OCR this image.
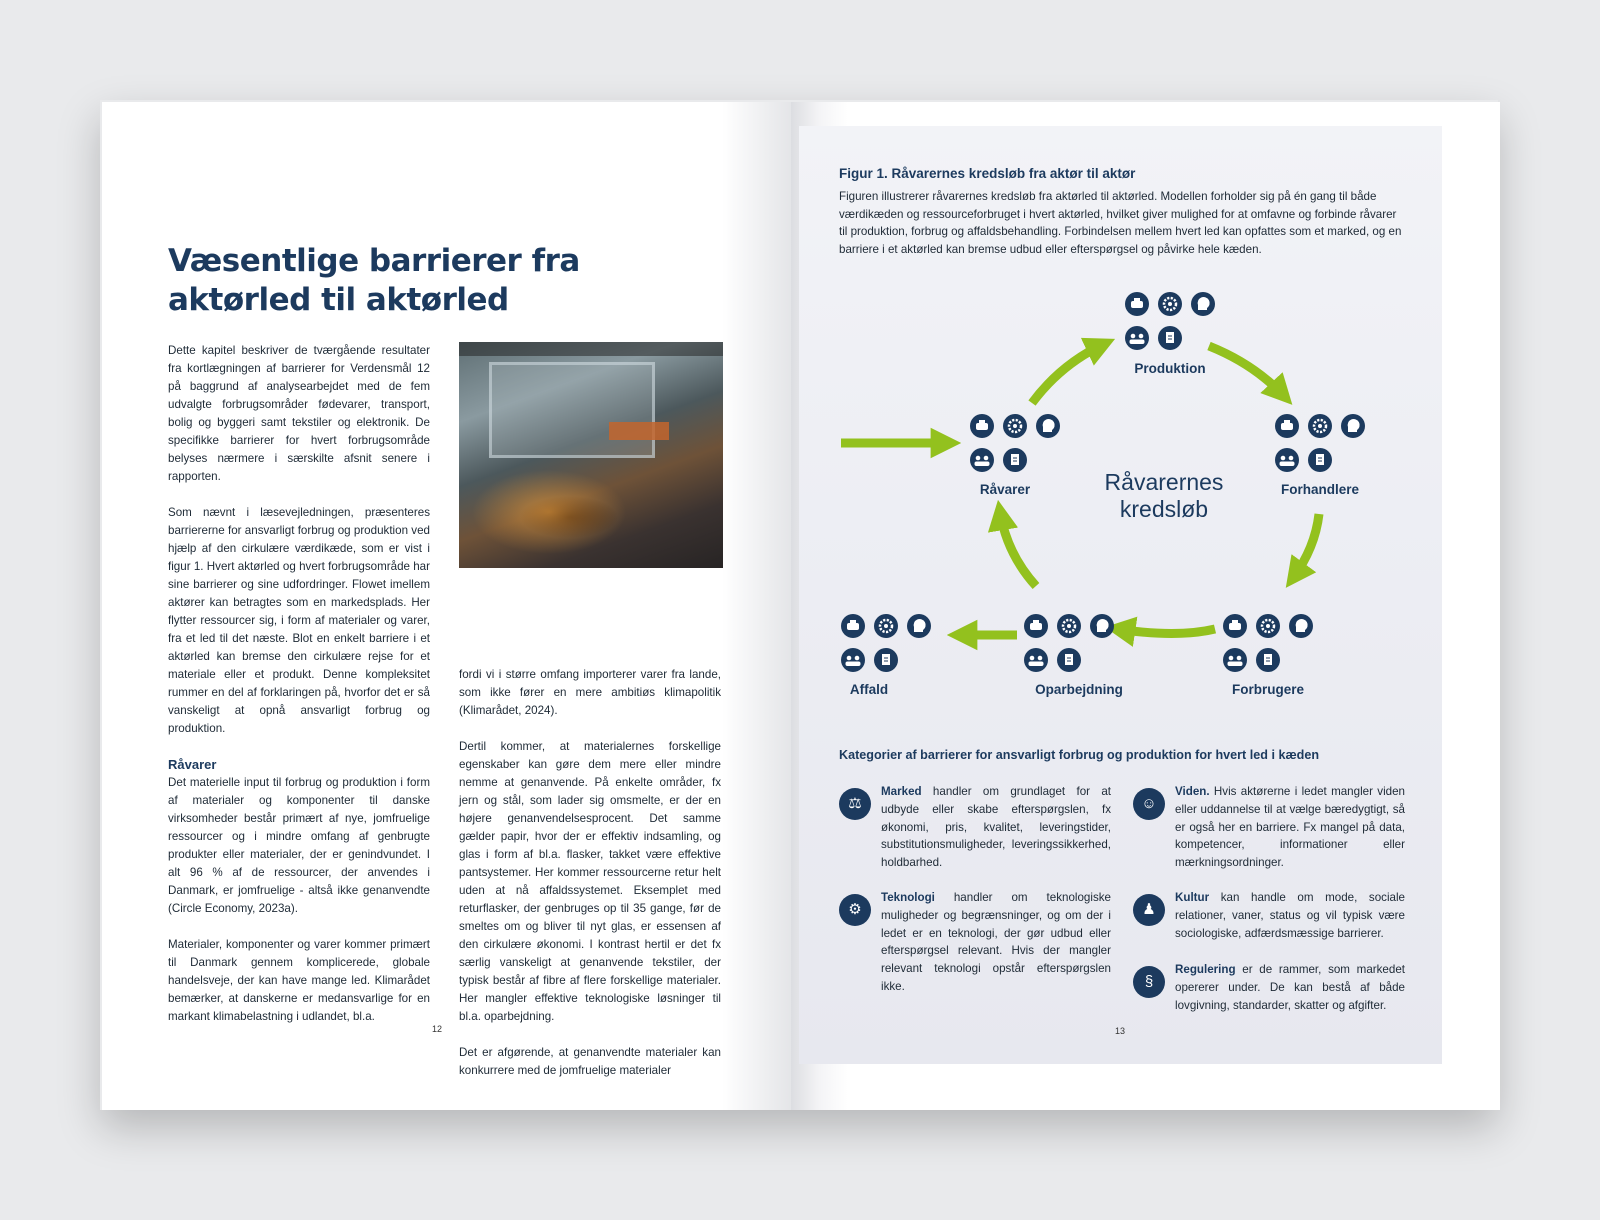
Væsentlige barrierer fra aktørled til aktørled

Dette kapitel beskriver de tværgående resultater fra kortlægningen af barrierer for Verdensmål 12 på baggrund af analysearbejdet med de fem udvalgte forbrugsområder fødevarer, transport, bolig og byggeri samt tekstiler og elektronik. De specifikke barrierer for hvert forbrugsområde belyses nærmere i særskilte afsnit senere i rapporten.

Som nævnt i læsevejledningen, præsenteres barriererne for ansvarligt forbrug og produktion ved hjælp af den cirkulære værdikæde, som er vist i figur 1. Hvert aktørled og hvert forbrugsområde har sine barrierer og sine udfordringer. Flowet imellem aktører kan betragtes som en markedsplads. Her flytter ressourcer sig, i form af materialer og varer, fra et led til det næste. Blot en enkelt barriere i et aktørled kan bremse den cirkulære rejse for et materiale eller et produkt. Denne kompleksitet rummer en del af forklaringen på, hvorfor det er så vanskeligt at opnå ansvarligt forbrug og produktion.

Råvarer

Det materielle input til forbrug og produktion i form af materialer og komponenter til danske virksomheder består primært af nye, jomfruelige ressourcer og i mindre omfang af genbrugte produkter eller materialer, der er genindvundet. I alt 96 % af de ressourcer, der anvendes i Danmark, er jomfruelige - altså ikke genanvendte (Circle Economy, 2023a).

Materialer, komponenter og varer kommer primært til Danmark gennem komplicerede, globale handelsveje, der kan have mange led. Klimarådet bemærker, at danskerne er medansvarlige for en markant klimabelastning i udlandet, bl.a.

fordi vi i større omfang importerer varer fra lande, som ikke fører en mere ambitiøs klimapolitik (Klimarådet, 2024).

Dertil kommer, at materialernes forskellige egenskaber kan gøre dem mere eller mindre nemme at genanvende. På enkelte områder, fx jern og stål, som lader sig omsmelte, er der en højere genanvendelsesprocent. Det samme gælder papir, hvor der er effektiv indsamling, og glas i form af bl.a. flasker, takket være effektive pantsystemer. Her kommer ressourcerne retur helt uden at nå affaldssystemet. Eksemplet med returflasker, der genbruges op til 35 gange, før de smeltes om og bliver til nyt glas, er essensen af den cirkulære økonomi. I kontrast hertil er det fx særlig vanskeligt at genanvende tekstiler, der typisk består af fibre af flere forskellige materialer. Her mangler effektive teknologiske løsninger til bl.a. oparbejdning.

Det er afgørende, at genanvendte materialer kan konkurrere med de jomfruelige materialer

12
Figur 1. Råvarernes kredsløb fra aktør til aktør

Figuren illustrerer råvarernes kredsløb fra aktørled til aktørled. Modellen forholder sig på én gang til både værdikæden og ressourceforbruget i hvert aktørled, hvilket giver mulighed for at omfavne og forbinde råvarer til produktion, forbrug og affaldsbehandling. Forbindelsen mellem hvert led kan opfattes som et marked, og en barriere i et aktørled kan bremse udbud eller efterspørgsel og påvirke hele kæden.

Produktion
Forhandlere
Forbrugere
Oparbejdning
Affald
Råvarer	Råvarernes
kredsløb
Kategorier af barrierer for ansvarligt forbrug og produktion for hvert led i kæden
⚖
Marked handler om grundlaget for at udbyde eller skabe efterspørgslen, fx økonomi, pris, kvalitet, leveringstider, substitutionsmuligheder, leveringssikkerhed, holdbarhed.
⚙
Teknologi handler om teknologiske muligheder og begrænsninger, og om der i ledet er en teknologi, der gør udbud eller efterspørgsel relevant. Hvis der mangler relevant teknologi opstår efterspørgslen ikke.
☺
Viden. Hvis aktørerne i ledet mangler viden eller uddannelse til at vælge bæredygtigt, så er også her en barriere. Fx mangel på data, kompetencer, informationer eller mærkningsordninger.
♟
Kultur kan handle om mode, sociale relationer, vaner, status og vil typisk være sociologiske, adfærdsmæssige barrierer.
§
Regulering er de rammer, som markedet opererer under. De kan bestå af både lovgivning, standarder, skatter og afgifter.
13
